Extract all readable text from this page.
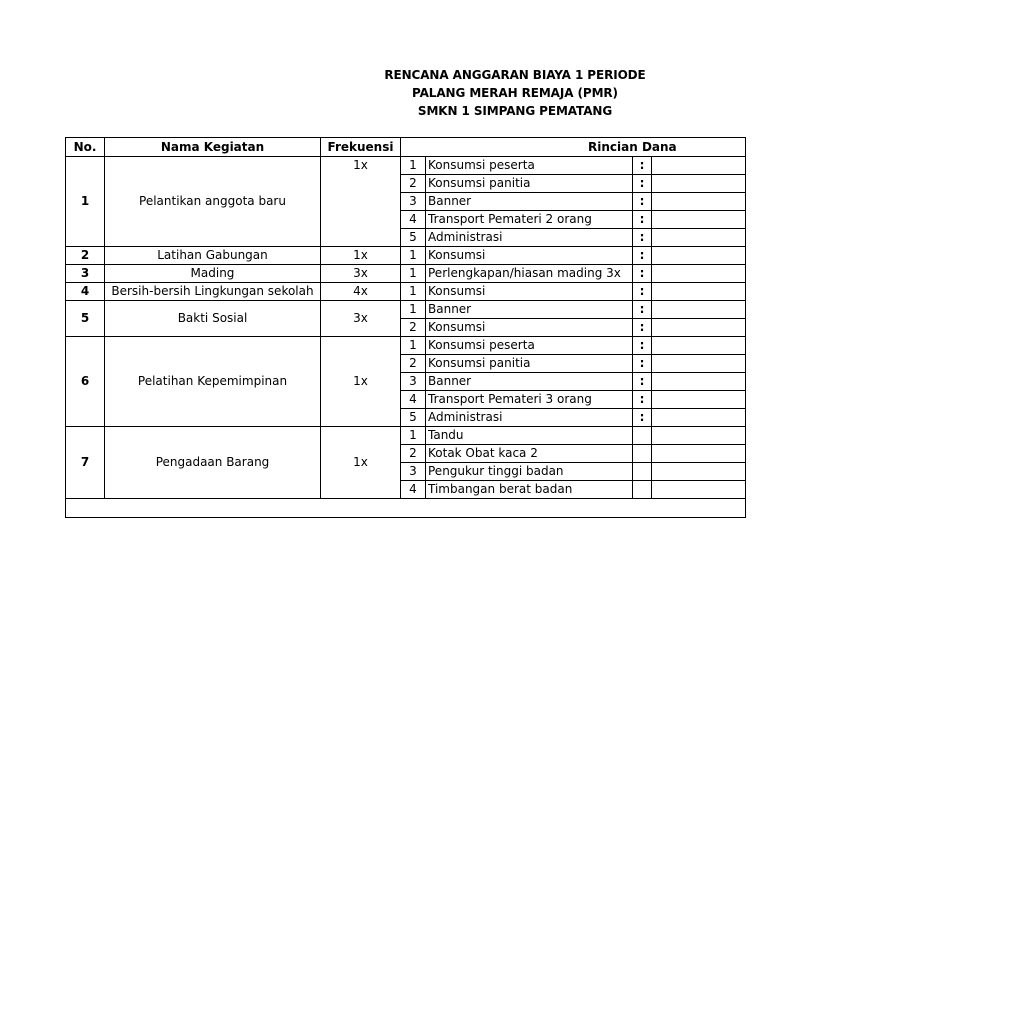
RENCANA ANGGARAN BIAYA 1 PERIODE
PALANG MERAH REMAJA (PMR)
SMKN 1 SIMPANG PEMATANG
No.	Nama Kegiatan	Frekuensi	Rincian Dana			
1	Pelantikan anggota baru	1x	1	Konsumsi peserta	:	
			2	Konsumsi panitia	:	
			3	Banner	:	
			4	Transport Pemateri 2 orang	:	
			5	Administrasi	:	
2	Latihan Gabungan	1x	1	Konsumsi	:	
3	Mading	3x	1	Perlengkapan/hiasan mading 3x	:	
4	Bersih-bersih Lingkungan sekolah	4x	1	Konsumsi	:	
5	Bakti Sosial	3x	1	Banner	:	
			2	Konsumsi	:	
6	Pelatihan Kepemimpinan	1x	1	Konsumsi peserta	:	
			2	Konsumsi panitia	:	
			3	Banner	:	
			4	Transport Pemateri 3 orang	:	
			5	Administrasi	:	
7	Pengadaan Barang	1x	1	Tandu		
			2	Kotak Obat kaca 2		
			3	Pengukur tinggi badan		
			4	Timbangan berat badan		
